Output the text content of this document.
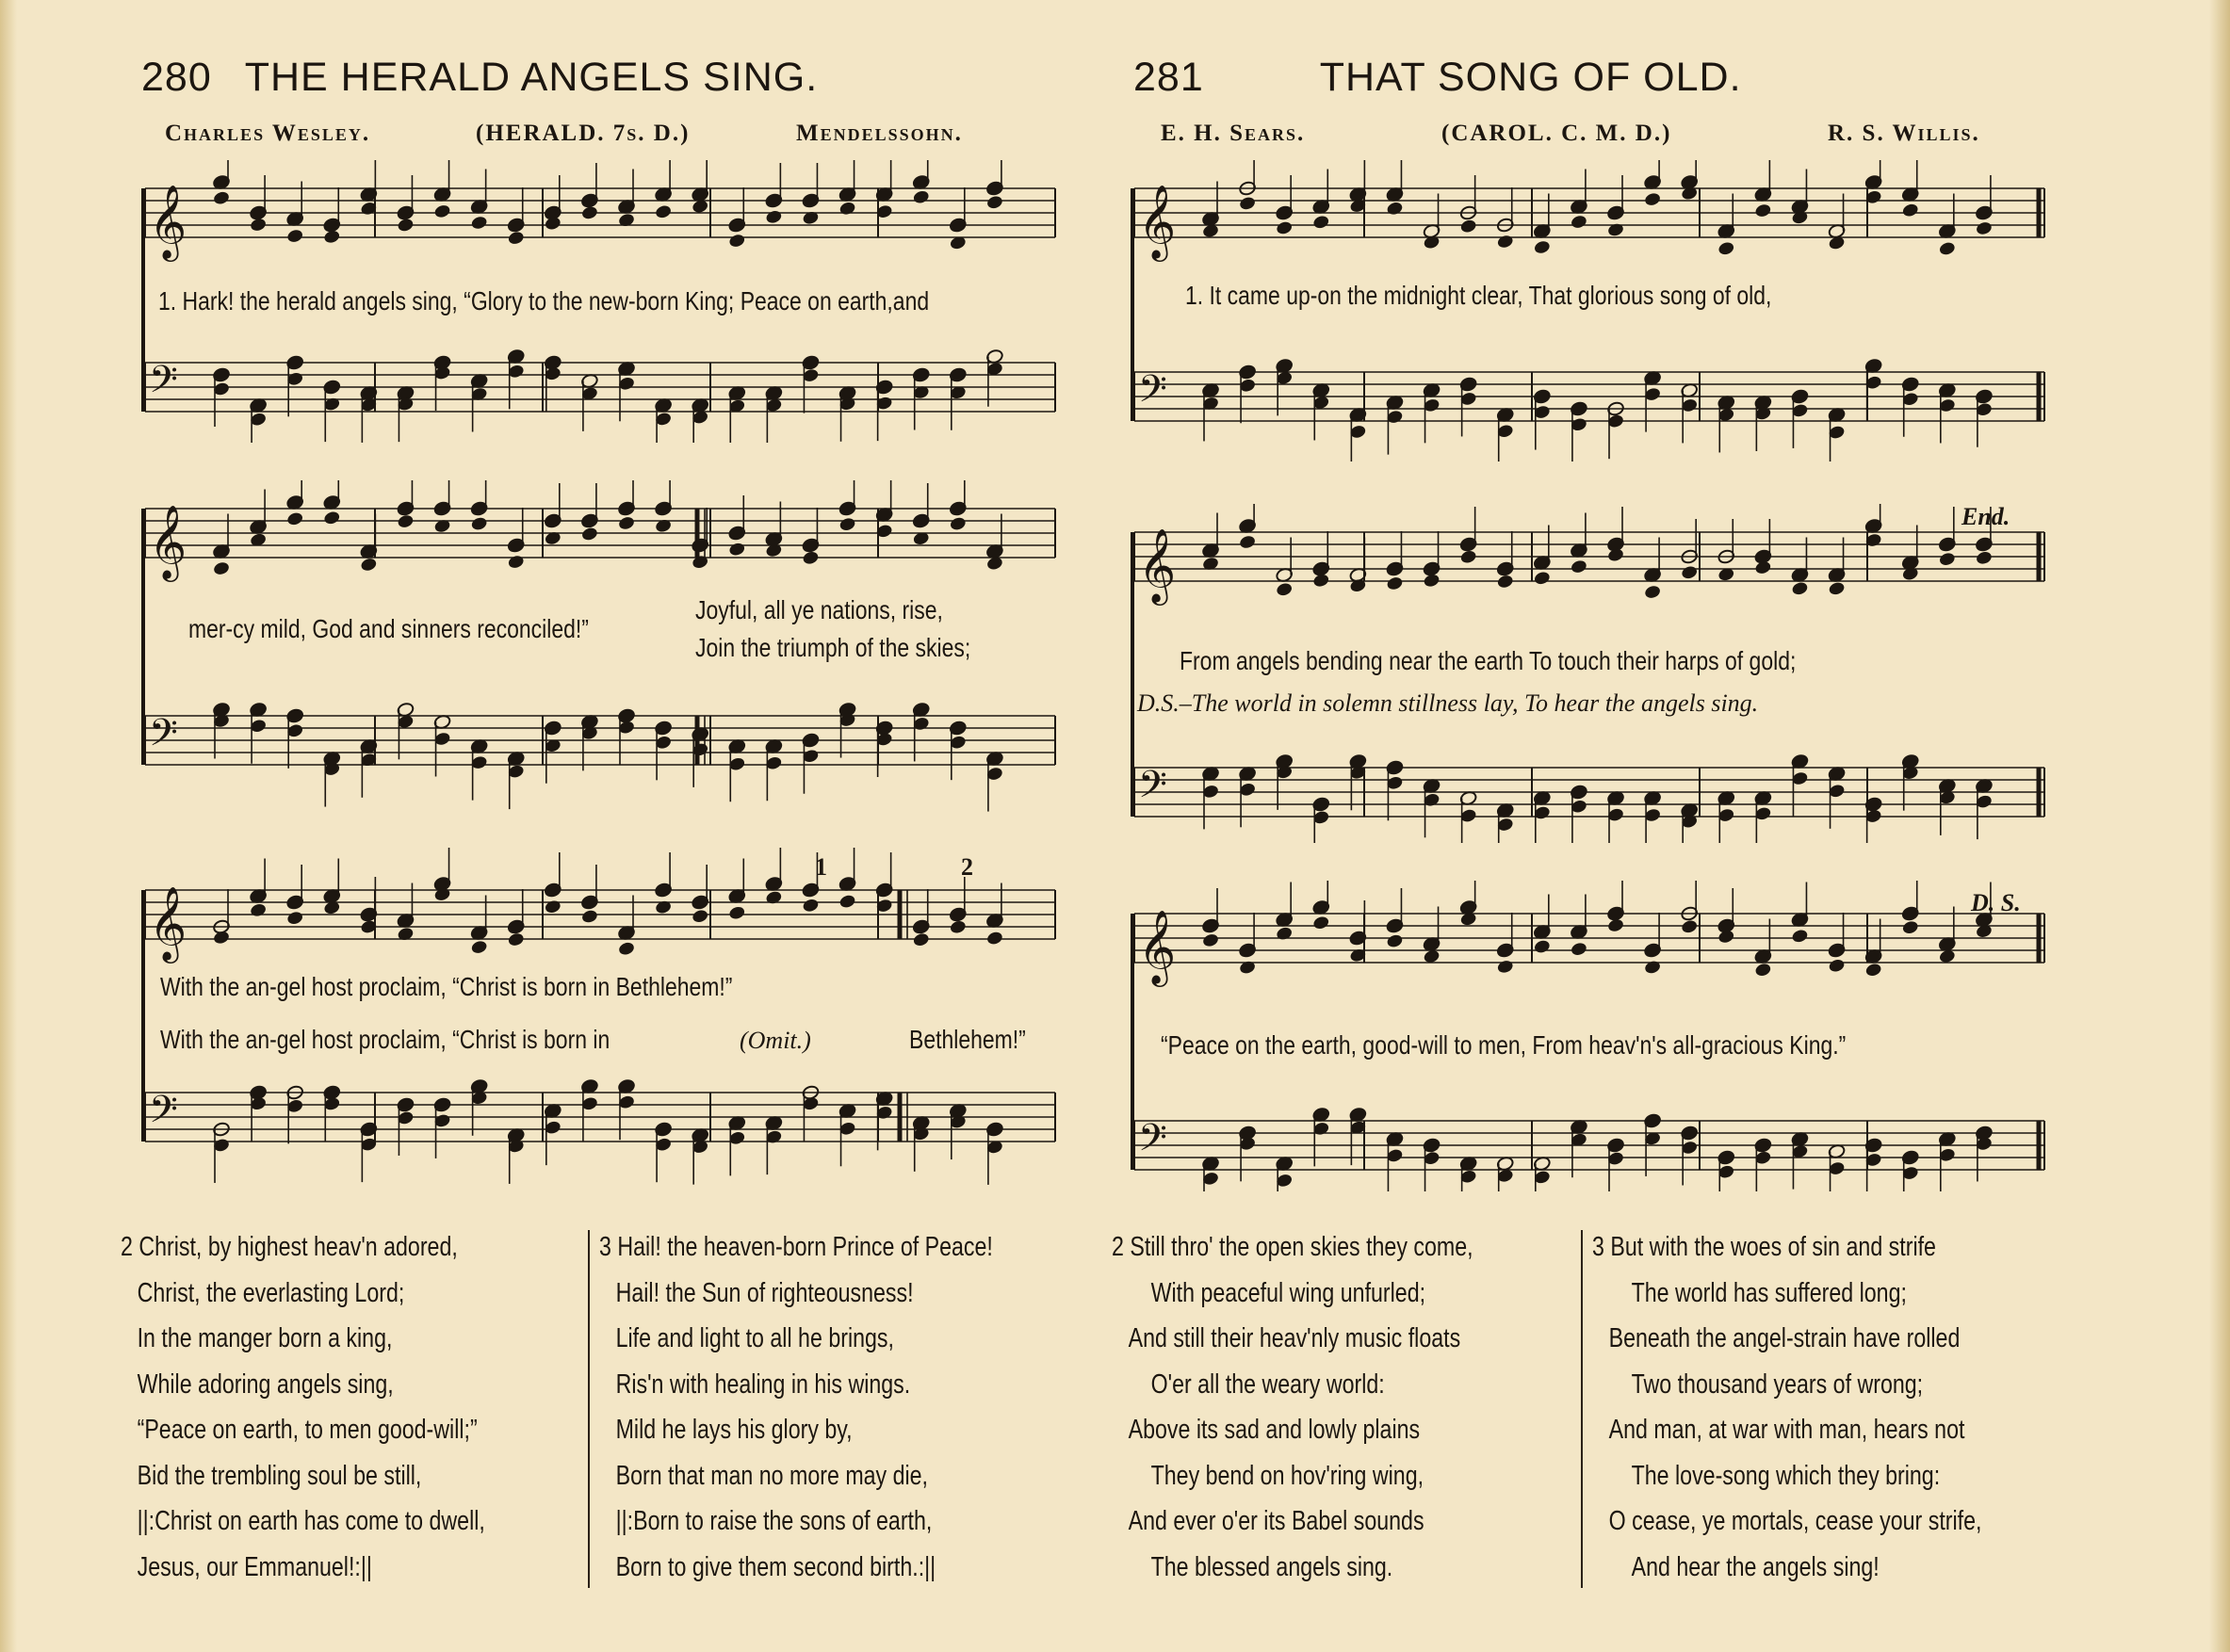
280 THE HERALD ANGELS SING.
Charles Wesley.	(HERALD. 7s. D.)	Mendelssohn.
281	THAT SONG OF OLD.
E. H. Sears.	(CAROL. C. M. D.)	R. S. Willis.
𝄞
𝄢
𝄞
𝄢
𝄞
𝄢
𝄞
𝄢
𝄞
𝄢
𝄞
𝄢
1. Hark! the herald angels sing, “Glory to the new-born King; Peace on earth,and
mer-cy mild, God and sinners reconciled!”
Joyful, all ye nations, rise,
Join the triumph of the skies;
With the an-gel host proclaim, “Christ is born in Bethlehem!”
With the an-gel host proclaim, “Christ is born in	(Omit.)	Bethlehem!”
1	2
1. It came up-on the midnight clear, That glorious song of old,
From angels bending near the earth To touch their harps of gold;
D.S.–The world in solemn stillness lay, To hear the angels sing.
“Peace on the earth, good-will to men, From heav'n's all-gracious King.”
End.
D. S.
2 Christ, by highest heav'n adored,
Christ, the everlasting Lord;
In the manger born a king,
While adoring angels sing,
“Peace on earth, to men good-will;”
Bid the trembling soul be still,
||:Christ on earth has come to dwell,
Jesus, our Emmanuel!:||
3 Hail! the heaven-born Prince of Peace!
Hail! the Sun of righteousness!
Life and light to all he brings,
Ris'n with healing in his wings.
Mild he lays his glory by,
Born that man no more may die,
||:Born to raise the sons of earth,
Born to give them second birth.:||
2 Still thro' the open skies they come,
With peaceful wing unfurled;
And still their heav'nly music floats
O'er all the weary world:
Above its sad and lowly plains
They bend on hov'ring wing,
And ever o'er its Babel sounds
The blessed angels sing.
3 But with the woes of sin and strife
The world has suffered long;
Beneath the angel-strain have rolled
Two thousand years of wrong;
And man, at war with man, hears not
The love-song which they bring:
O cease, ye mortals, cease your strife,
And hear the angels sing!
